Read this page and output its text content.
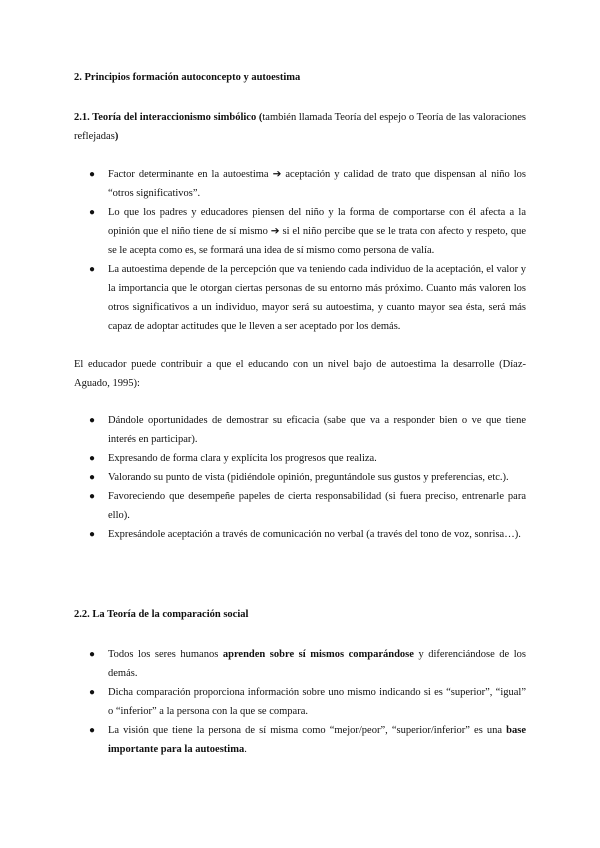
2. Principios formación autoconcepto y autoestima
2.1. Teoría del interaccionismo simbólico (también llamada Teoría del espejo o Teoría de las valoraciones reflejadas)
● Factor determinante en la autoestima ➔ aceptación y calidad de trato que dispensan al niño los “otros significativos”.
● Lo que los padres y educadores piensen del niño y la forma de comportarse con él afecta a la opinión que el niño tiene de sí mismo ➔ si el niño percibe que se le trata con afecto y respeto, que se le acepta como es, se formará una idea de sí mismo como persona de valía.
● La autoestima depende de la percepción que va teniendo cada individuo de la aceptación, el valor y la importancia que le otorgan ciertas personas de su entorno más próximo. Cuanto más valoren los otros significativos a un individuo, mayor será su autoestima, y cuanto mayor sea ésta, será más capaz de adoptar actitudes que le lleven a ser aceptado por los demás.

El educador puede contribuir a que el educando con un nivel bajo de autoestima la desarrolle (Díaz-Aguado, 1995):

● Dándole oportunidades de demostrar su eficacia (sabe que va a responder bien o ve que tiene interés en participar).
● Expresando de forma clara y explícita los progresos que realiza.
● Valorando su punto de vista (pidiéndole opinión, preguntándole sus gustos y preferencias, etc.).
● Favoreciendo que desempeñe papeles de cierta responsabilidad (si fuera preciso, entrenarle para ello).
● Expresándole aceptación a través de comunicación no verbal (a través del tono de voz, sonrisa…).
2.2. La Teoría de la comparación social
● Todos los seres humanos aprenden sobre sí mismos comparándose y diferenciándose de los demás.
● Dicha comparación proporciona información sobre uno mismo indicando si es “superior”, “igual” o “inferior” a la persona con la que se compara.
● La visión que tiene la persona de sí misma como “mejor/peor”, “superior/inferior” es una base importante para la autoestima.
